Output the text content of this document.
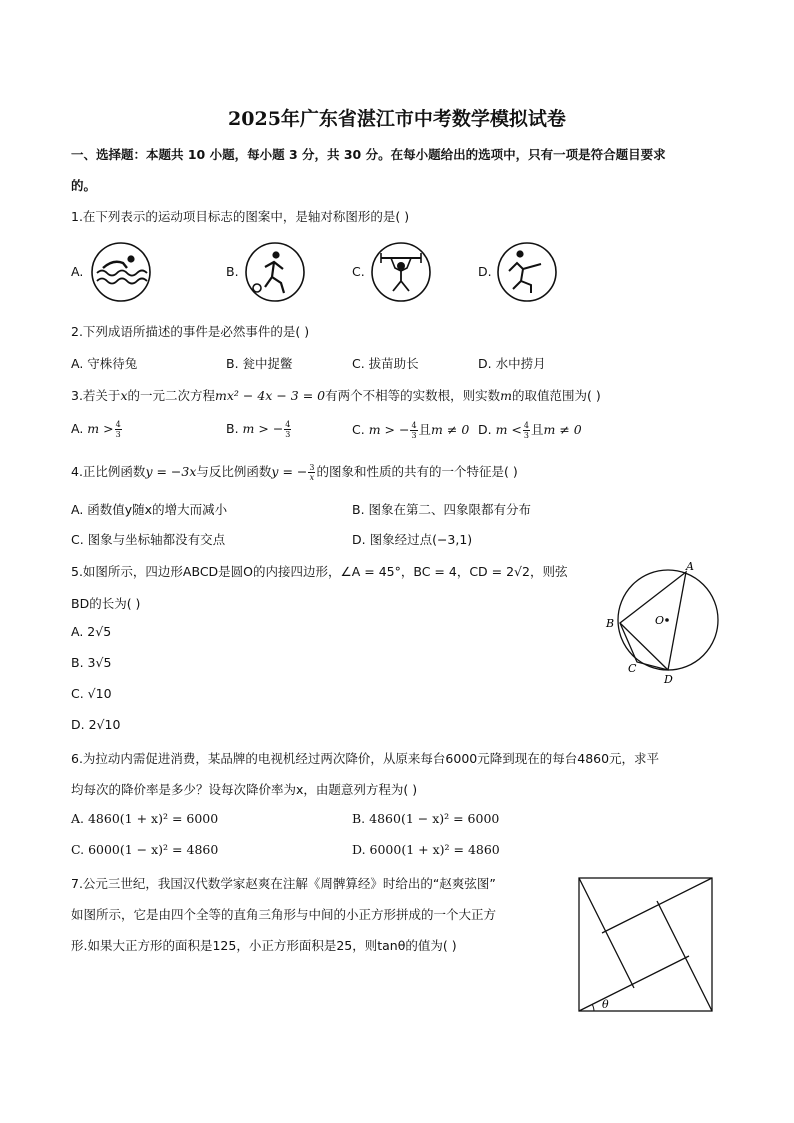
2025年广东省湛江市中考数学模拟试卷
一、选择题：本题共 10 小题，每小题 3 分，共 30 分。在每小题给出的选项中，只有一项是符合题目要求
的。
1.在下列表示的运动项目标志的图案中，是轴对称图形的是( )
A.	B.	C.	D.
2.下列成语所描述的事件是必然事件的是( )
A. 守株待兔	B. 瓮中捉鳖	C. 拔苗助长	D. 水中捞月
3.若关于x的一元二次方程mx² − 4x − 3 = 0有两个不相等的实数根，则实数m的取值范围为( )
A. $m > \frac{4}{3}$	B. m > − $\frac{4}{3}$	C. m > − $\frac{4}{3}$ 且m ≠ 0 D. $m < \frac{4}{3}$ 且m ≠ 0
4.正比例函数y = −3x与反比例函数y = − $\frac{3}{x}$ 的图象和性质的共有的一个特征是( )
A. 函数值y随x的增大而减小	B. 图象在第二、四象限都有分布
C. 图象与坐标轴都没有交点	D. 图象经过点(−3,1)
5.如图所示，四边形ABCD是圆O的内接四边形，∠A = 45°，BC = 4，CD = 2√2，则弦
BD的长为( )
A. 2√5
B. 3√5
C. √10
D. 2√10
A
B
C
D
O
6.为拉动内需促进消费，某品牌的电视机经过两次降价，从原来每台6000元降到现在的每台4860元，求平
均每次的降价率是多少？设每次降价率为x，由题意列方程为( )
A. 4860(1 + x)² = 6000	B. 4860(1 − x)² = 6000
C. 6000(1 − x)² = 4860	D. 6000(1 + x)² = 4860
7.公元三世纪，我国汉代数学家赵爽在注解《周髀算经》时给出的“赵爽弦图”
如图所示，它是由四个全等的直角三角形与中间的小正方形拼成的一个大正方
形.如果大正方形的面积是125，小正方形面积是25，则tanθ的值为( )
θ
